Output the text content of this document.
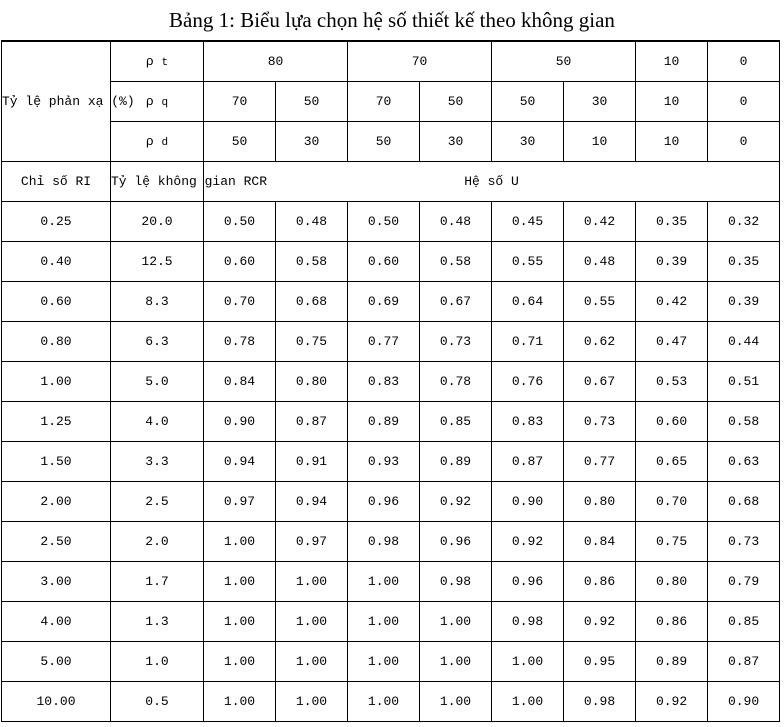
Bảng 1: Biểu lựa chọn hệ số thiết kế theo không gian
Tỷ lệ phản xạ (%)	ρ t	80		70		50		10	0
	ρ q	70	50	70	50	50	30	10	0
	ρ d	50	30	50	30	30	10	10	0
Chỉ số RI	Tỷ lệ không gian RCR	Hệ số U							
0.25	20.0	0.50	0.48	0.50	0.48	0.45	0.42	0.35	0.32
0.40	12.5	0.60	0.58	0.60	0.58	0.55	0.48	0.39	0.35
0.60	8.3	0.70	0.68	0.69	0.67	0.64	0.55	0.42	0.39
0.80	6.3	0.78	0.75	0.77	0.73	0.71	0.62	0.47	0.44
1.00	5.0	0.84	0.80	0.83	0.78	0.76	0.67	0.53	0.51
1.25	4.0	0.90	0.87	0.89	0.85	0.83	0.73	0.60	0.58
1.50	3.3	0.94	0.91	0.93	0.89	0.87	0.77	0.65	0.63
2.00	2.5	0.97	0.94	0.96	0.92	0.90	0.80	0.70	0.68
2.50	2.0	1.00	0.97	0.98	0.96	0.92	0.84	0.75	0.73
3.00	1.7	1.00	1.00	1.00	0.98	0.96	0.86	0.80	0.79
4.00	1.3	1.00	1.00	1.00	1.00	0.98	0.92	0.86	0.85
5.00	1.0	1.00	1.00	1.00	1.00	1.00	0.95	0.89	0.87
10.00	0.5	1.00	1.00	1.00	1.00	1.00	0.98	0.92	0.90
